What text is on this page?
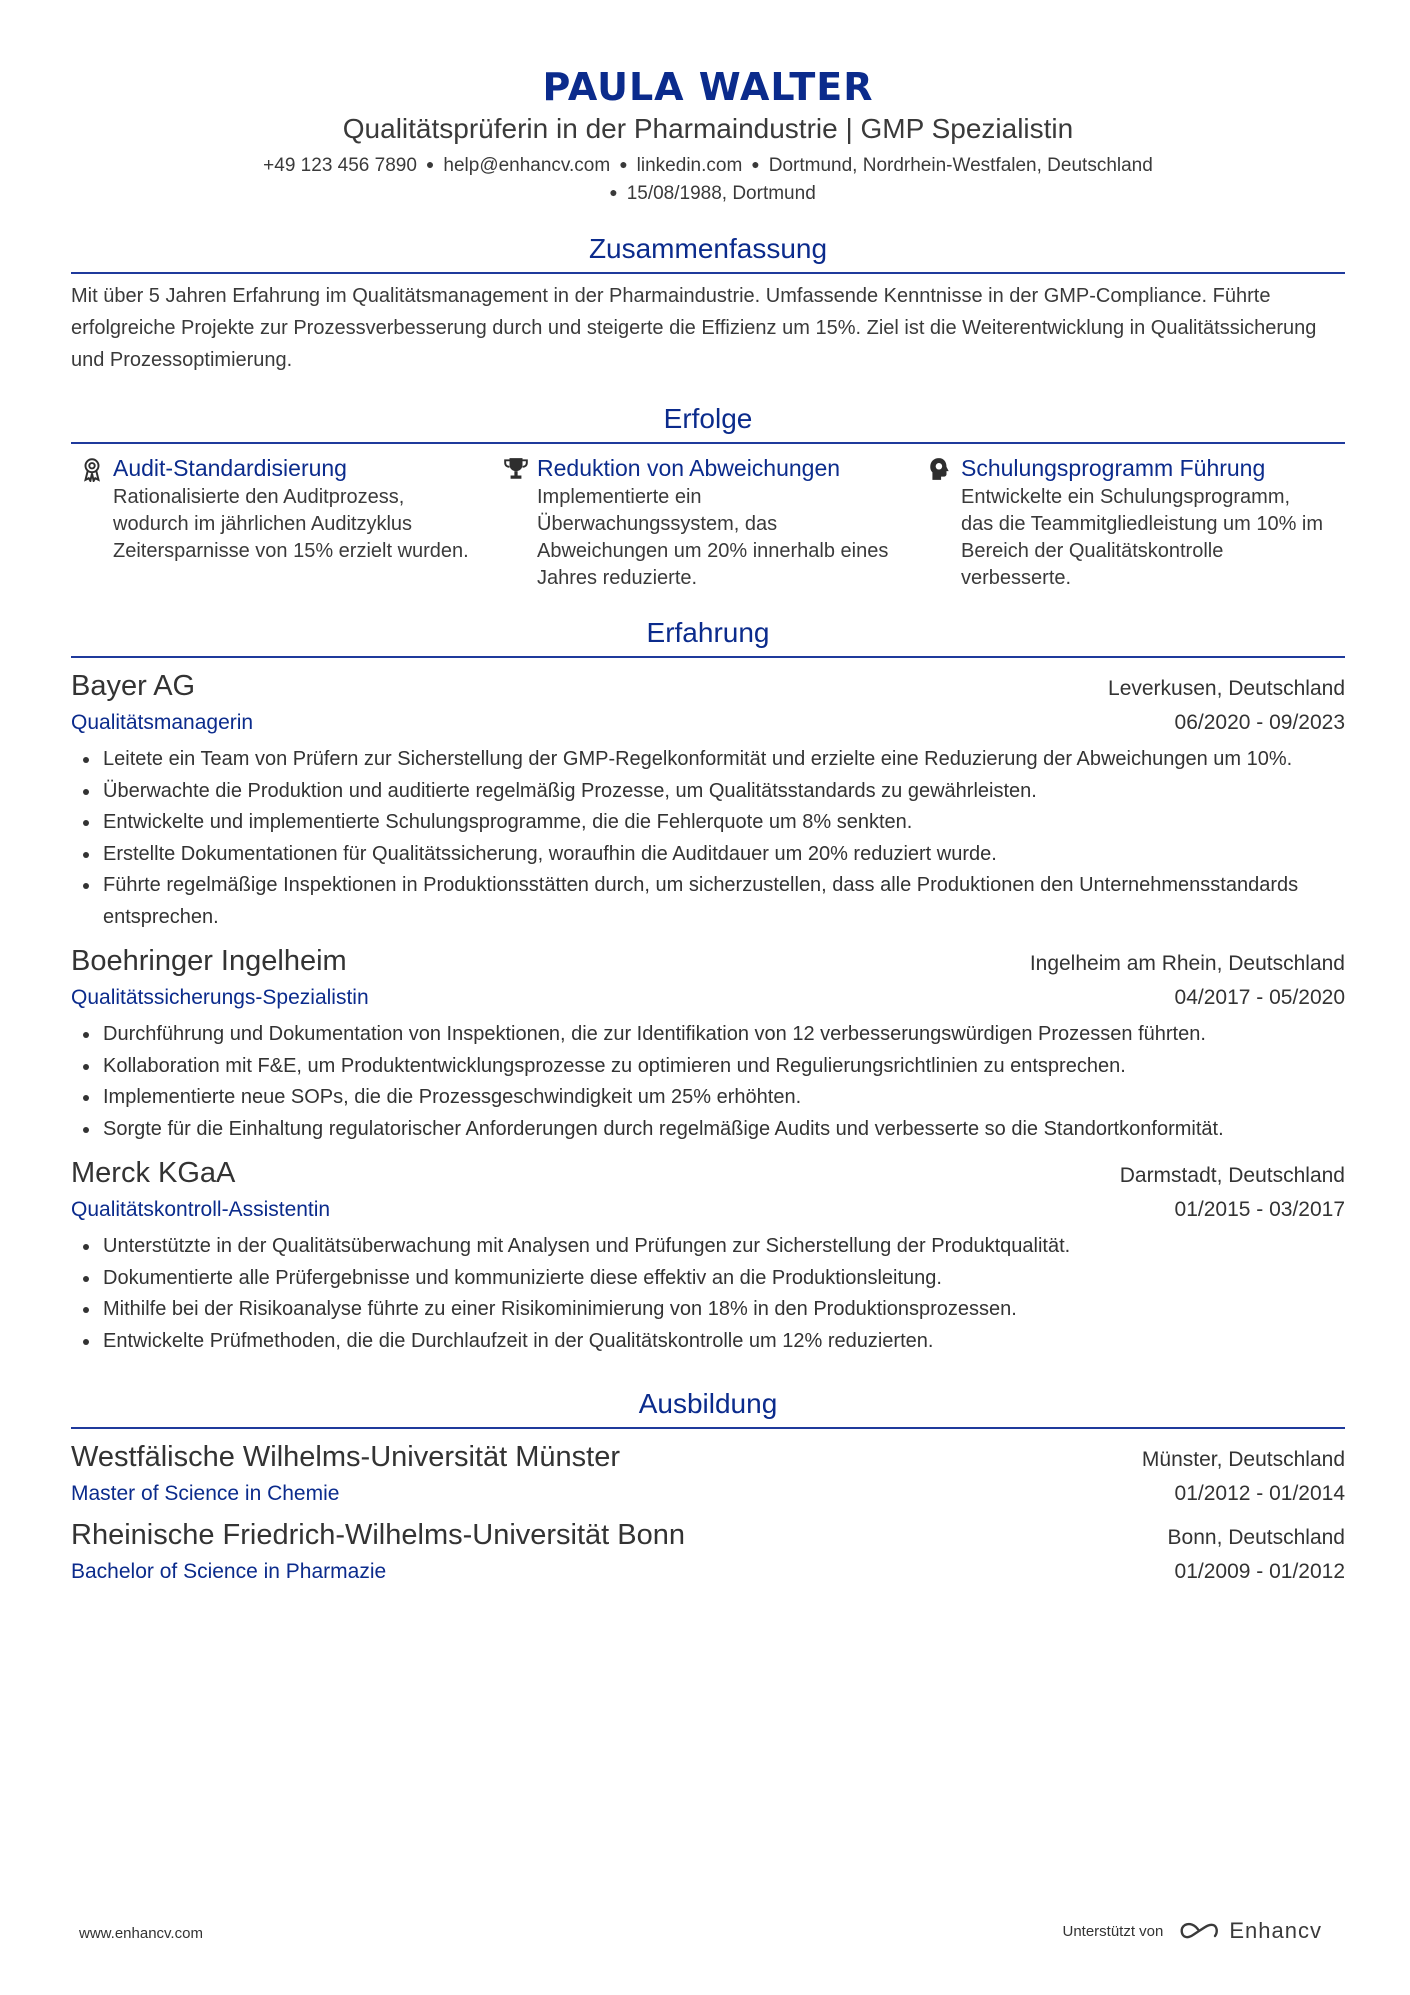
PAULA WALTER
Qualitätsprüferin in der Pharmaindustrie | GMP Spezialistin
+49 123 456 7890 ● help@enhancv.com ● linkedin.com ● Dortmund, Nordrhein-Westfalen, Deutschland
● 15/08/1988, Dortmund
Zusammenfassung
Mit über 5 Jahren Erfahrung im Qualitätsmanagement in der Pharmaindustrie. Umfassende Kenntnisse in der GMP-Compliance. Führte erfolgreiche Projekte zur Prozessverbesserung durch und steigerte die Effizienz um 15%. Ziel ist die Weiterentwicklung in Qualitätssicherung und Prozessoptimierung.
Erfolge
Audit-Standardisierung
Rationalisierte den Auditprozess, wodurch im jährlichen Auditzyklus Zeitersparnisse von 15% erzielt wurden.
Reduktion von Abweichungen
Implementierte ein Überwachungssystem, das Abweichungen um 20% innerhalb eines Jahres reduzierte.
Schulungsprogramm Führung
Entwickelte ein Schulungsprogramm, das die Teammitgliedleistung um 10% im Bereich der Qualitätskontrolle verbesserte.
Erfahrung
Bayer AG	Leverkusen, Deutschland
Qualitätsmanagerin	06/2020 - 09/2023
• Leitete ein Team von Prüfern zur Sicherstellung der GMP-Regelkonformität und erzielte eine Reduzierung der Abweichungen um 10%.
• Überwachte die Produktion und auditierte regelmäßig Prozesse, um Qualitätsstandards zu gewährleisten.
• Entwickelte und implementierte Schulungsprogramme, die die Fehlerquote um 8% senkten.
• Erstellte Dokumentationen für Qualitätssicherung, woraufhin die Auditdauer um 20% reduziert wurde.
• Führte regelmäßige Inspektionen in Produktionsstätten durch, um sicherzustellen, dass alle Produktionen den Unternehmensstandards entsprechen.
Boehringer Ingelheim	Ingelheim am Rhein, Deutschland
Qualitätssicherungs-Spezialistin	04/2017 - 05/2020
• Durchführung und Dokumentation von Inspektionen, die zur Identifikation von 12 verbesserungswürdigen Prozessen führten.
• Kollaboration mit F&E, um Produktentwicklungsprozesse zu optimieren und Regulierungsrichtlinien zu entsprechen.
• Implementierte neue SOPs, die die Prozessgeschwindigkeit um 25% erhöhten.
• Sorgte für die Einhaltung regulatorischer Anforderungen durch regelmäßige Audits und verbesserte so die Standortkonformität.
Merck KGaA	Darmstadt, Deutschland
Qualitätskontroll-Assistentin	01/2015 - 03/2017
• Unterstützte in der Qualitätsüberwachung mit Analysen und Prüfungen zur Sicherstellung der Produktqualität.
• Dokumentierte alle Prüfergebnisse und kommunizierte diese effektiv an die Produktionsleitung.
• Mithilfe bei der Risikoanalyse führte zu einer Risikominimierung von 18% in den Produktionsprozessen.
• Entwickelte Prüfmethoden, die die Durchlaufzeit in der Qualitätskontrolle um 12% reduzierten.
Ausbildung
Westfälische Wilhelms-Universität Münster	Münster, Deutschland
Master of Science in Chemie	01/2012 - 01/2014
Rheinische Friedrich-Wilhelms-Universität Bonn	Bonn, Deutschland
Bachelor of Science in Pharmazie	01/2009 - 01/2012
www.enhancv.com	Unterstützt von	Enhancv
